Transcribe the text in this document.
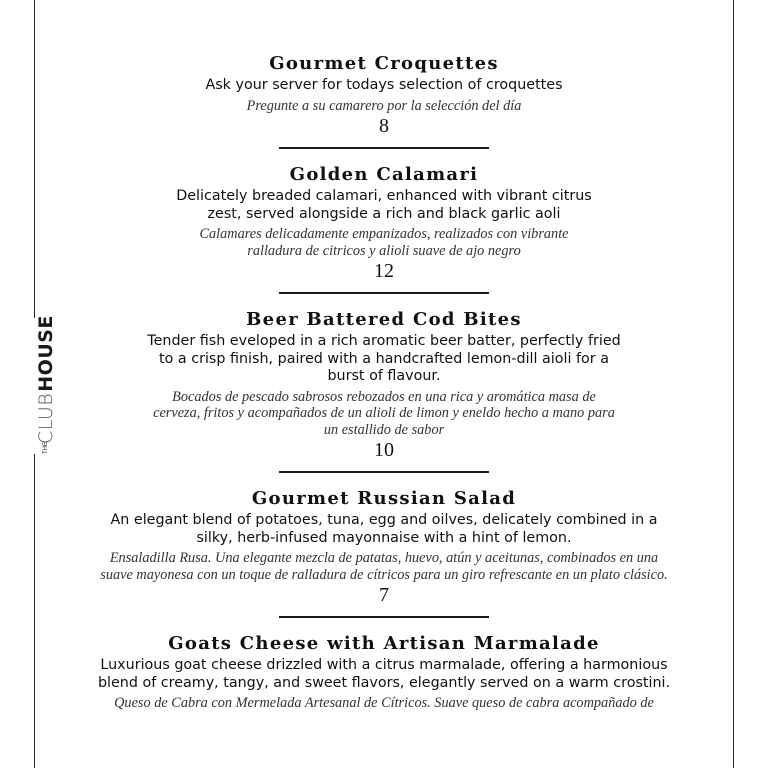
THE
CLUB
HOUSE
Gourmet Croquettes

Ask your server for todays selection of croquettes

Pregunte a su camarero por la selección del día

8

Golden Calamari

Delicately breaded calamari, enhanced with vibrant citrus zest, served alongside a rich and black garlic aoli

Calamares delicadamente empanizados, realizados con vibrante ralladura de citricos y alioli suave de ajo negro

12

Beer Battered Cod Bites

Tender fish eveloped in a rich aromatic beer batter, perfectly fried to a crisp finish, paired with a handcrafted lemon-dill aioli for a burst of flavour.

Bocados de pescado sabrosos rebozados en una rica y aromática masa de cerveza, fritos y acompañados de un alioli de limon y eneldo hecho a mano para un estallido de sabor

10

Gourmet Russian Salad

An elegant blend of potatoes, tuna, egg and oilves, delicately combined in a silky, herb-infused mayonnaise with a hint of lemon.

Ensaladilla Rusa. Una elegante mezcla de patatas, huevo, atún y aceitunas, combinados en una suave mayonesa con un toque de ralladura de cítricos para un giro refrescante en un plato clásico.

7

Goats Cheese with Artisan Marmalade

Luxurious goat cheese drizzled with a citrus marmalade, offering a harmonious blend of creamy, tangy, and sweet flavors, elegantly served on a warm crostini.

Queso de Cabra con Mermelada Artesanal de Cítricos. Suave queso de cabra acompañado de
